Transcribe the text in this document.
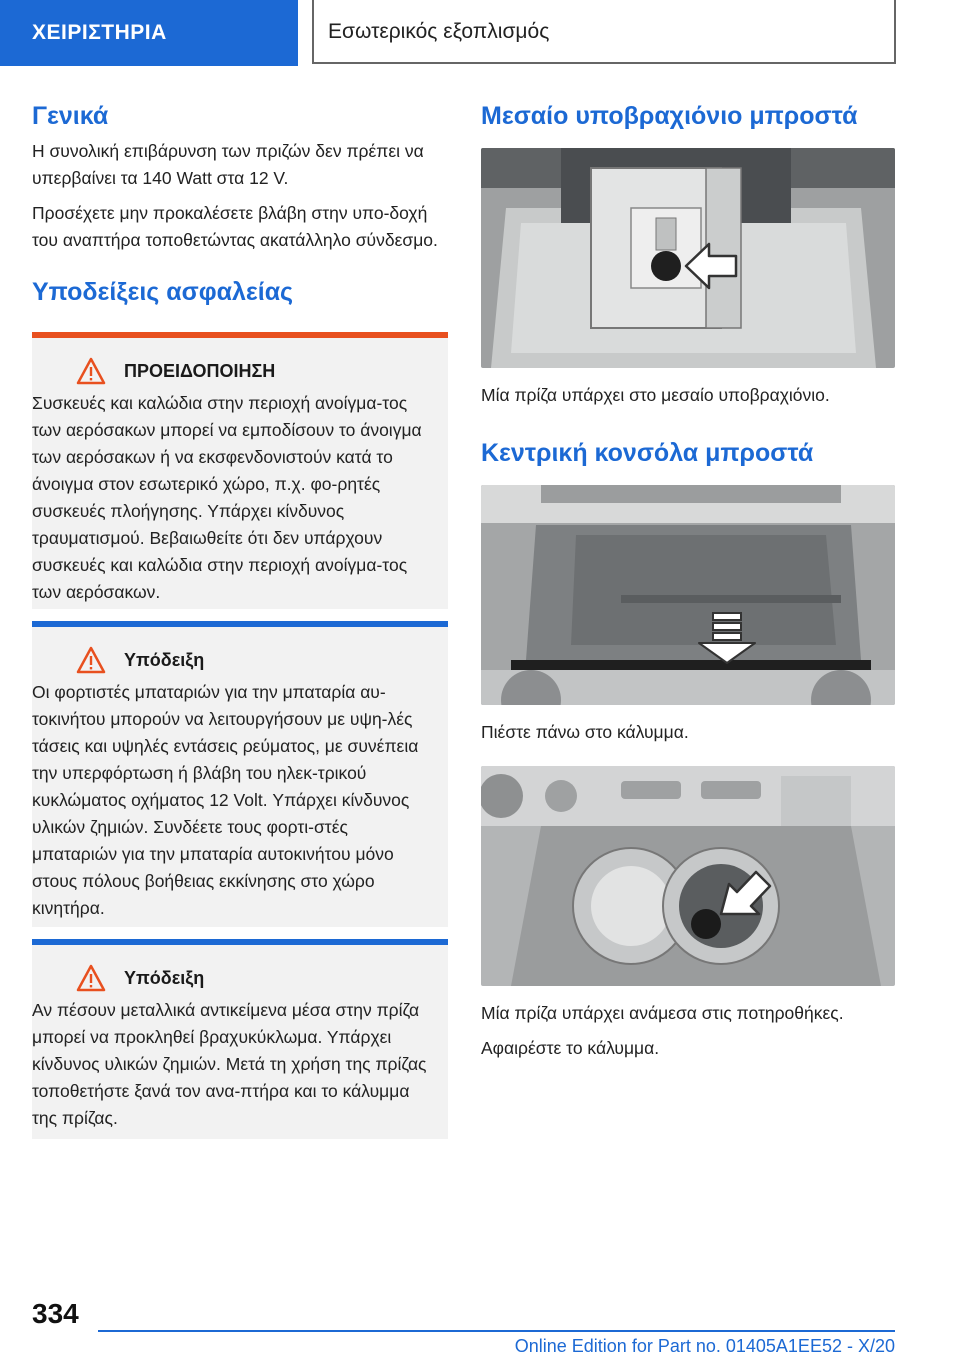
ΧΕΙΡΙΣΤΗΡΙΑ	Εσωτερικός εξοπλισμός
Γενικά

Η συνολική επιβάρυνση των πριζών δεν πρέπει να υπερβαίνει τα 140 Watt στα 12 V.

Προσέχετε μην προκαλέσετε βλάβη στην υπο-δοχή του αναπτήρα τοποθετώντας ακατάλληλο σύνδεσμο.

Υποδείξεις ασφαλείας
ΠΡΟΕΙΔΟΠΟΙΗΣΗ

Συσκευές και καλώδια στην περιοχή ανοίγμα-τος των αερόσακων μπορεί να εμποδίσουν το άνοιγμα των αερόσακων ή να εκσφενδονιστούν κατά το άνοιγμα στον εσωτερικό χώρο, π.χ. φο-ρητές συσκευές πλοήγησης. Υπάρχει κίνδυνος τραυματισμού. Βεβαιωθείτε ότι δεν υπάρχουν συσκευές και καλώδια στην περιοχή ανοίγμα-τος των αερόσακων.

Υπόδειξη

Οι φορτιστές μπαταριών για την μπαταρία αυ-τοκινήτου μπορούν να λειτουργήσουν με υψη-λές τάσεις και υψηλές εντάσεις ρεύματος, με συνέπεια την υπερφόρτωση ή βλάβη του ηλεκ-τρικού κυκλώματος οχήματος 12 Volt. Υπάρχει κίνδυνος υλικών ζημιών. Συνδέετε τους φορτι-στές μπαταριών για την μπαταρία αυτοκινήτου μόνο στους πόλους βοήθειας εκκίνησης στο χώρο κινητήρα.

Υπόδειξη

Αν πέσουν μεταλλικά αντικείμενα μέσα στην πρίζα μπορεί να προκληθεί βραχυκύκλωμα. Υπάρχει κίνδυνος υλικών ζημιών. Μετά τη χρήση της πρίζας τοποθετήστε ξανά τον ανα-πτήρα και το κάλυμμα της πρίζας.

Μεσαίο υποβραχιόνιο μπροστά

Μία πρίζα υπάρχει στο μεσαίο υποβραχιόνιο.

Κεντρική κονσόλα μπροστά

Πιέστε πάνω στο κάλυμμα.

Μία πρίζα υπάρχει ανάμεσα στις ποτηροθήκες.

Αφαιρέστε το κάλυμμα.

334
Online Edition for Part no. 01405A1EE52 - X/20
